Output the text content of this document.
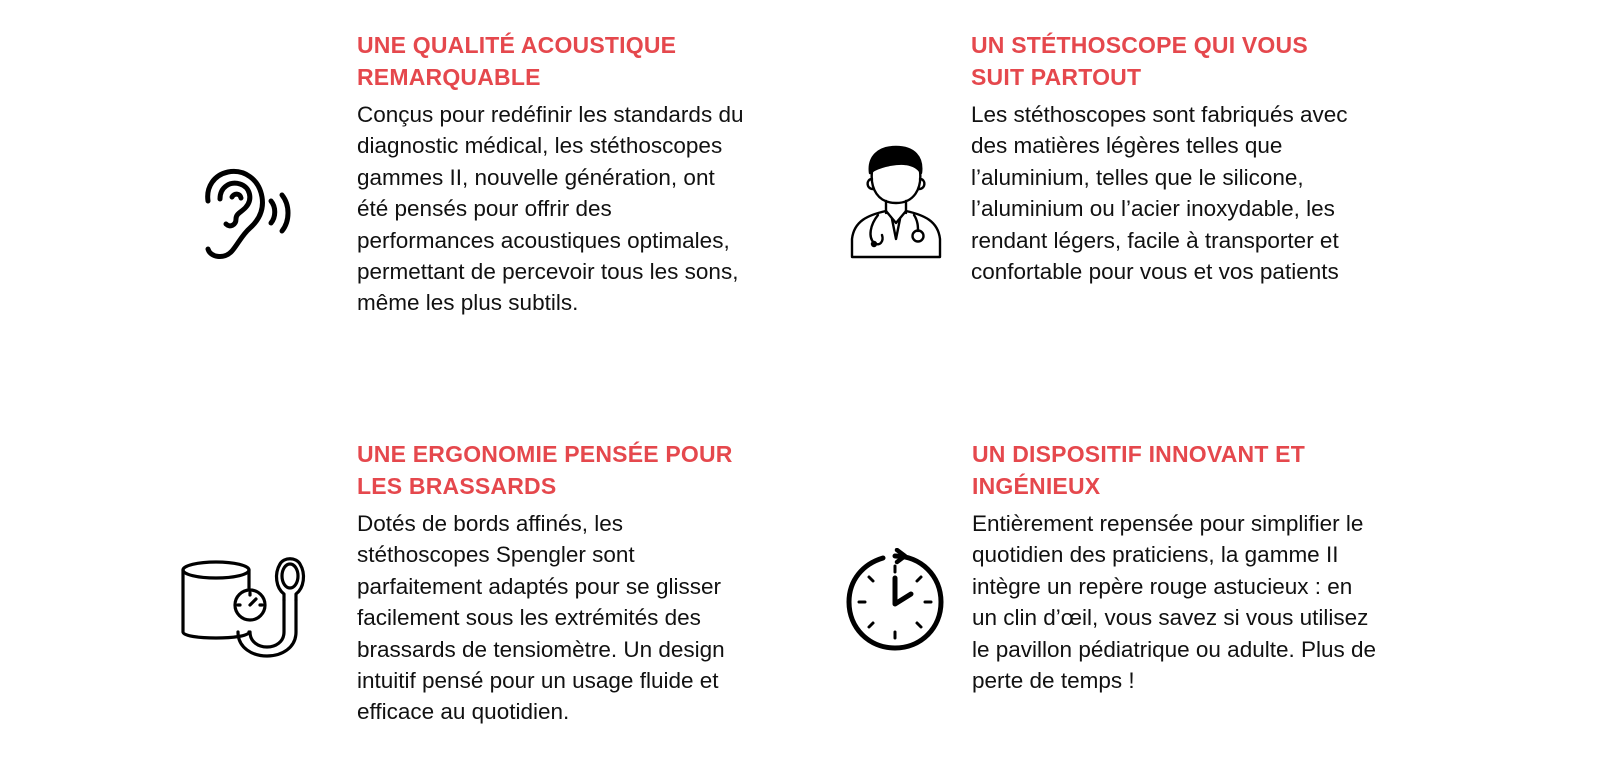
UNE QUALITÉ ACOUSTIQUE REMARQUABLE

Conçus pour redéfinir les standards du diagnostic médical, les stéthoscopes gammes II, nouvelle génération, ont été pensés pour offrir des performances acoustiques optimales, permettant de percevoir tous les sons, même les plus subtils.

UN STÉTHOSCOPE QUI VOUS SUIT PARTOUT

Les stéthoscopes sont fabriqués avec des matières légères telles que l’aluminium, telles que le silicone, l’aluminium ou l’acier inoxydable, les rendant légers, facile à transporter et confortable pour vous et vos patients

UNE ERGONOMIE PENSÉE POUR LES BRASSARDS

Dotés de bords affinés, les stéthoscopes Spengler sont parfaitement adaptés pour se glisser facilement sous les extrémités des brassards de tensiomètre. Un design intuitif pensé pour un usage fluide et efficace au quotidien.

UN DISPOSITIF INNOVANT ET INGÉNIEUX

Entièrement repensée pour simplifier le quotidien des praticiens, la gamme II intègre un repère rouge astucieux : en un clin d’œil, vous savez si vous utilisez le pavillon pédiatrique ou adulte. Plus de perte de temps !
